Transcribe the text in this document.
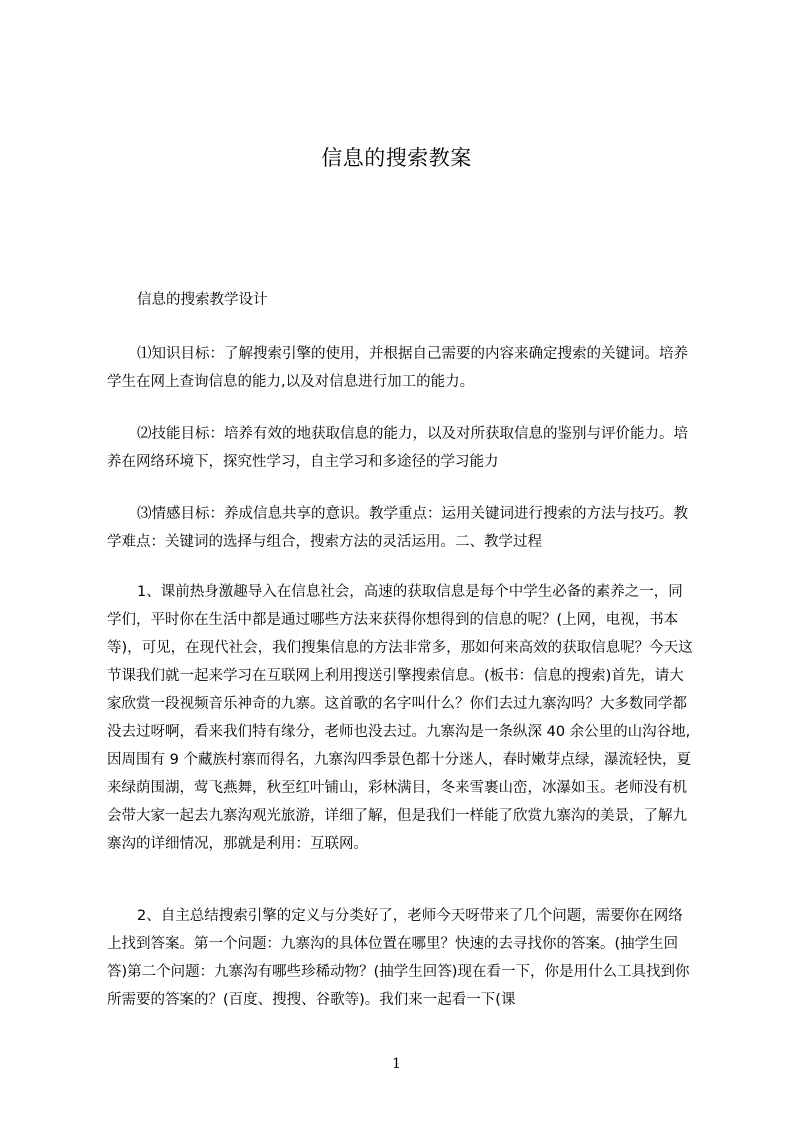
信息的搜索教案
信息的搜索教学设计

⑴知识目标：了解搜索引擎的使用，并根据自己需要的内容来确定搜索的关键词。培养学生在网上查询信息的能力,以及对信息进行加工的能力。

⑵技能目标：培养有效的地获取信息的能力，以及对所获取信息的鉴别与评价能力。培养在网络环境下，探究性学习，自主学习和多途径的学习能力

⑶情感目标：养成信息共享的意识。教学重点：运用关键词进行搜索的方法与技巧。教学难点：关键词的选择与组合，搜索方法的灵活运用。二、教学过程

1、课前热身激趣导入在信息社会，高速的获取信息是每个中学生必备的素养之一，同学们，平时你在生活中都是通过哪些方法来获得你想得到的信息的呢？(上网，电视，书本等)，可见，在现代社会，我们搜集信息的方法非常多，那如何来高效的获取信息呢？今天这节课我们就一起来学习在互联网上利用搜送引擎搜索信息。(板书：信息的搜索)首先，请大家欣赏一段视频音乐神奇的九寨。这首歌的名字叫什么？你们去过九寨沟吗？大多数同学都没去过呀啊，看来我们特有缘分，老师也没去过。九寨沟是一条纵深 40 余公里的山沟谷地,因周围有 9 个藏族村寨而得名，九寨沟四季景色都十分迷人，春时嫩芽点绿，瀑流轻快，夏来绿荫围湖，莺飞燕舞，秋至红叶铺山，彩林满目，冬来雪裹山峦，冰瀑如玉。老师没有机会带大家一起去九寨沟观光旅游，详细了解，但是我们一样能了欣赏九寨沟的美景，了解九寨沟的详细情况，那就是利用：互联网。

2、自主总结搜索引擎的定义与分类好了，老师今天呀带来了几个问题，需要你在网络上找到答案。第一个问题：九寨沟的具体位置在哪里？快速的去寻找你的答案。(抽学生回答)第二个问题：九寨沟有哪些珍稀动物？(抽学生回答)现在看一下，你是用什么工具找到你所需要的答案的？(百度、搜搜、谷歌等)。我们来一起看一下(课

1
